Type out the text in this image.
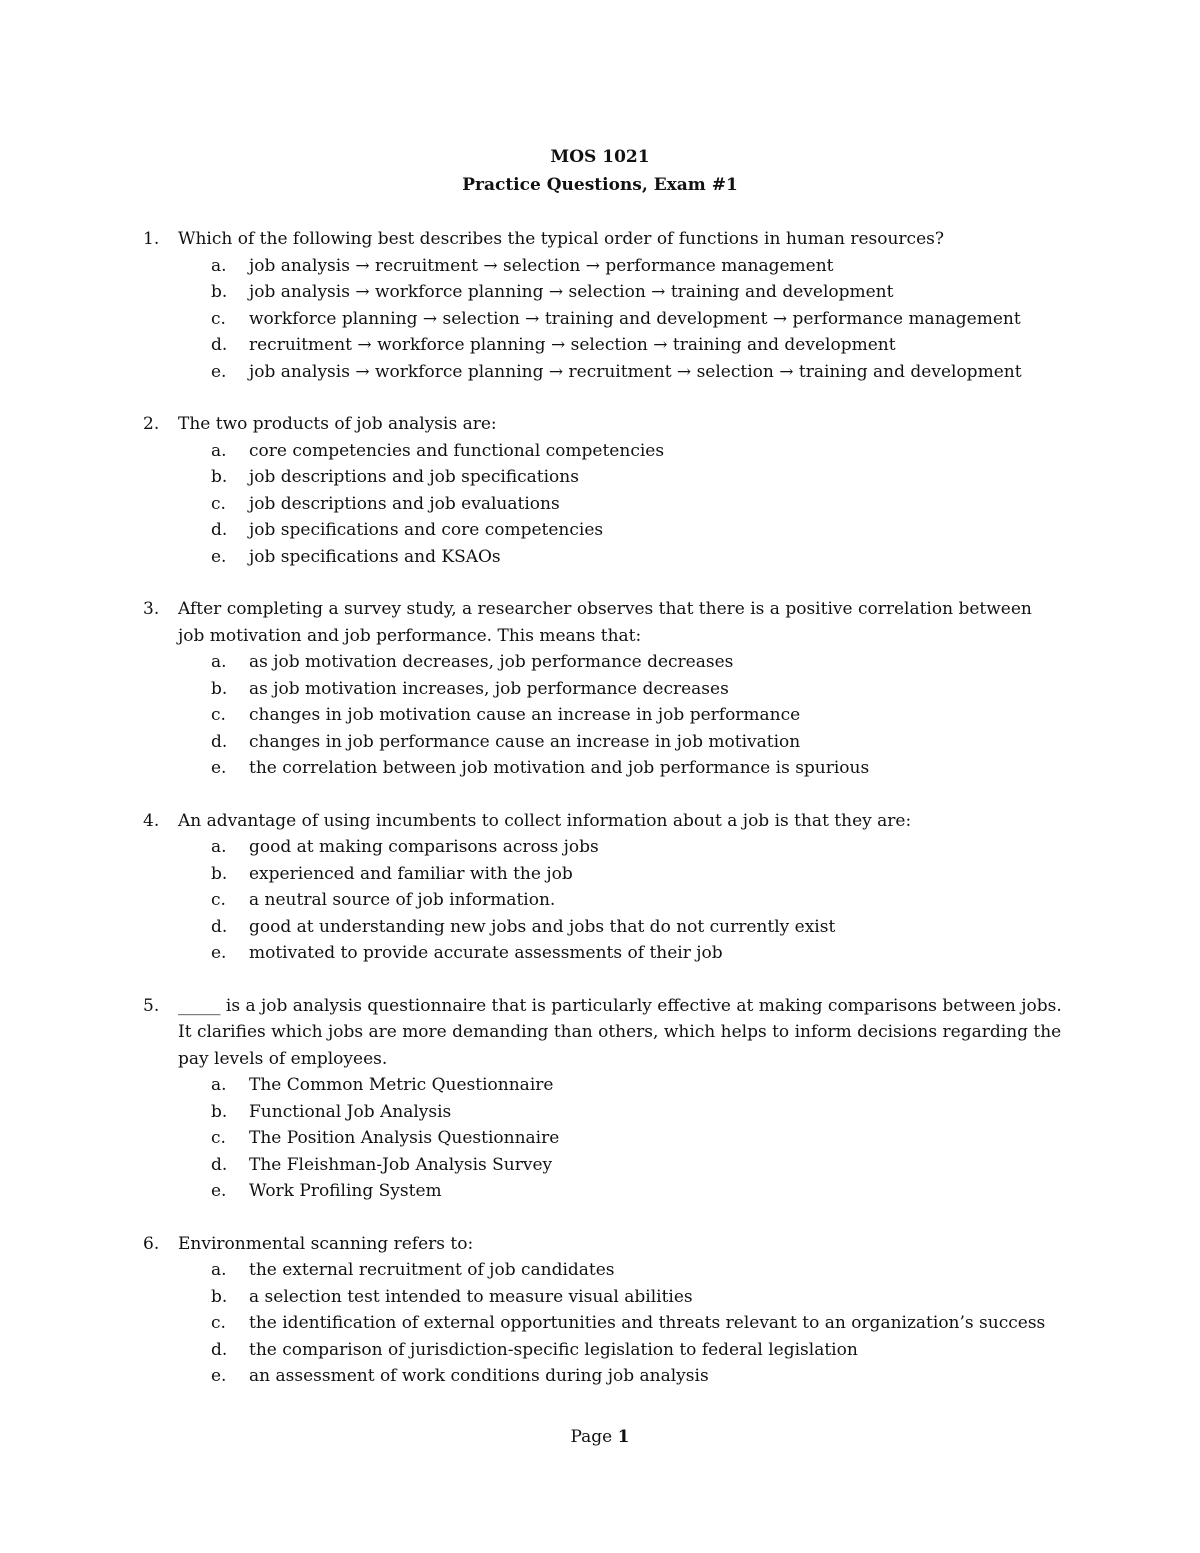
MOS 1021
Practice Questions, Exam #1
1.	Which of the following best describes the typical order of functions in human resources?
a.	job analysis → recruitment → selection → performance management
b.	job analysis → workforce planning → selection → training and development
c.	workforce planning → selection → training and development → performance management
d.	recruitment → workforce planning → selection → training and development
e.	job analysis → workforce planning → recruitment → selection → training and development
2.	The two products of job analysis are:
a.	core competencies and functional competencies
b.	job descriptions and job specifications
c.	job descriptions and job evaluations
d.	job specifications and core competencies
e.	job specifications and KSAOs
3.	After completing a survey study, a researcher observes that there is a positive correlation between job motivation and job performance. This means that:
a.	as job motivation decreases, job performance decreases
b.	as job motivation increases, job performance decreases
c.	changes in job motivation cause an increase in job performance
d.	changes in job performance cause an increase in job motivation
e.	the correlation between job motivation and job performance is spurious
4.	An advantage of using incumbents to collect information about a job is that they are:
a.	good at making comparisons across jobs
b.	experienced and familiar with the job
c.	a neutral source of job information.
d.	good at understanding new jobs and jobs that do not currently exist
e.	motivated to provide accurate assessments of their job
5.	_____ is a job analysis questionnaire that is particularly effective at making comparisons between jobs. It clarifies which jobs are more demanding than others, which helps to inform decisions regarding the pay levels of employees.
a.	The Common Metric Questionnaire
b.	Functional Job Analysis
c.	The Position Analysis Questionnaire
d.	The Fleishman-Job Analysis Survey
e.	Work Profiling System
6.	Environmental scanning refers to:
a.	the external recruitment of job candidates
b.	a selection test intended to measure visual abilities
c.	the identification of external opportunities and threats relevant to an organization’s success
d.	the comparison of jurisdiction-specific legislation to federal legislation
e.	an assessment of work conditions during job analysis
Page 1
